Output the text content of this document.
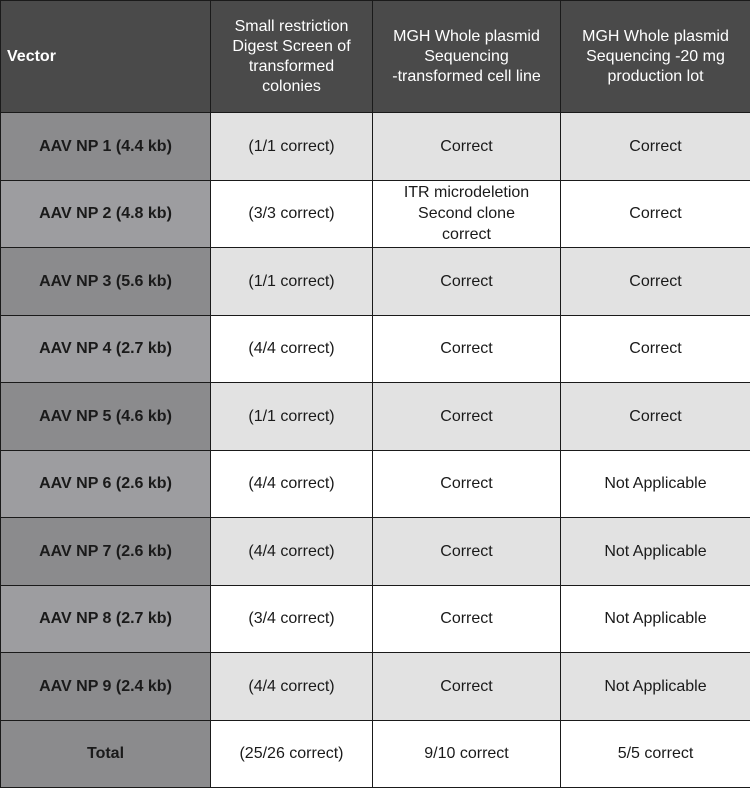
Vector	Small restriction
Digest Screen of
transformed
colonies	MGH Whole plasmid
Sequencing
-transformed cell line	MGH Whole plasmid
Sequencing -20 mg
production lot

AAV NP 1 (4.4 kb)	(1/1 correct)	Correct	Correct
AAV NP 2 (4.8 kb)	(3/3 correct)	ITR microdeletion
Second clone
correct	Correct
AAV NP 3 (5.6 kb)	(1/1 correct)	Correct	Correct
AAV NP 4 (2.7 kb)	(4/4 correct)	Correct	Correct
AAV NP 5 (4.6 kb)	(1/1 correct)	Correct	Correct
AAV NP 6 (2.6 kb)	(4/4 correct)	Correct	Not Applicable
AAV NP 7 (2.6 kb)	(4/4 correct)	Correct	Not Applicable
AAV NP 8 (2.7 kb)	(3/4 correct)	Correct	Not Applicable
AAV NP 9 (2.4 kb)	(4/4 correct)	Correct	Not Applicable
Total	(25/26 correct)	9/10 correct	5/5 correct
